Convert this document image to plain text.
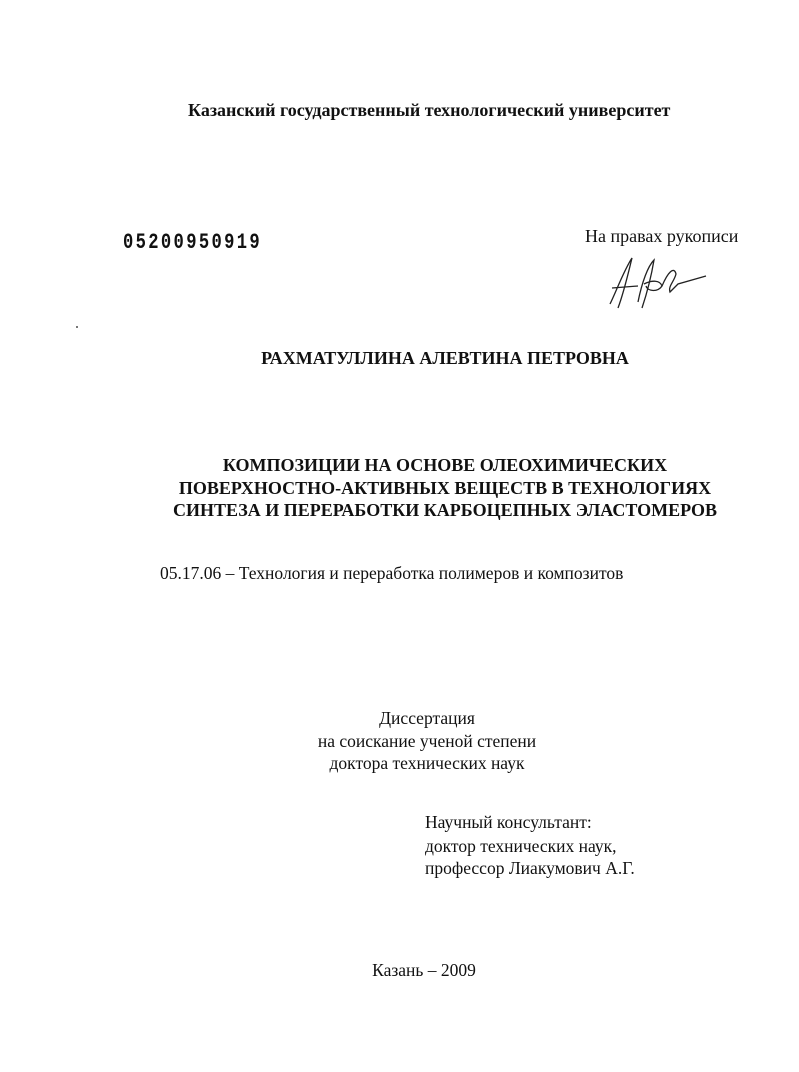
Казанский государственный технологический университет
05200950919	На правах рукописи
РАХМАТУЛЛИНА АЛЕВТИНА ПЕТРОВНА
КОМПОЗИЦИИ НА ОСНОВЕ ОЛЕОХИМИЧЕСКИХ
ПОВЕРХНОСТНО-АКТИВНЫХ ВЕЩЕСТВ В ТЕХНОЛОГИЯХ
СИНТЕЗА И ПЕРЕРАБОТКИ КАРБОЦЕПНЫХ ЭЛАСТОМЕРОВ
05.17.06 – Технология и переработка полимеров и композитов
Диссертация
на соискание ученой степени
доктора технических наук
Научный консультант:
доктор технических наук,
профессор Лиакумович А.Г.
Казань – 2009
